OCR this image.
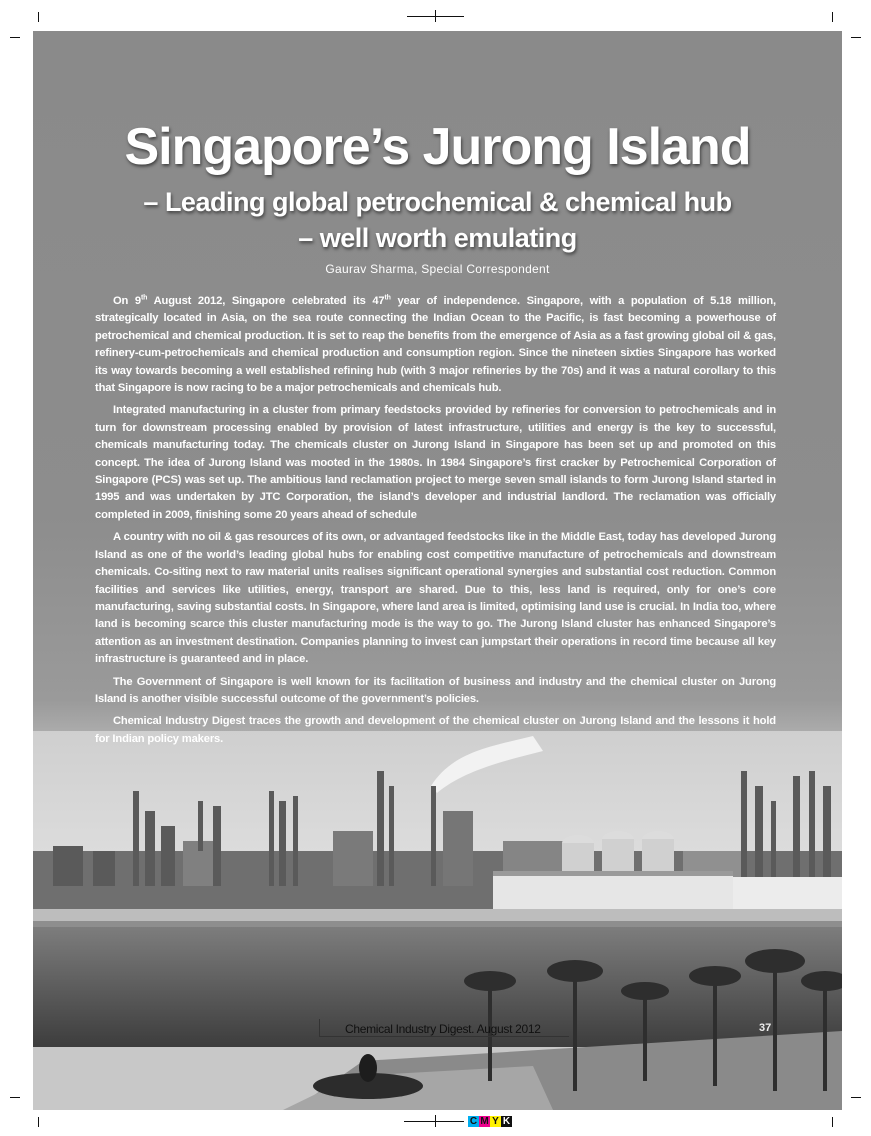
Singapore’s Jurong Island
– Leading global petrochemical & chemical hub
– well worth emulating
Gaurav Sharma, Special Correspondent

On 9th August 2012, Singapore celebrated its 47th year of independence. Singapore, with a population of 5.18 million, strategically located in Asia, on the sea route connecting the Indian Ocean to the Pacific, is fast becoming a powerhouse of petrochemical and chemical production. It is set to reap the benefits from the emergence of Asia as a fast growing global oil & gas, refinery-cum-petrochemicals and chemical production and consumption region. Since the nineteen sixties Singapore has worked its way towards becoming a well established refining hub (with 3 major refineries by the 70s) and it was a natural corollary to this that Singapore is now racing to be a major petrochemicals and chemicals hub.

Integrated manufacturing in a cluster from primary feedstocks provided by refineries for conversion to petrochemicals and in turn for downstream processing enabled by provision of latest infrastructure, utilities and energy is the key to successful, chemicals manufacturing today. The chemicals cluster on Jurong Island in Singapore has been set up and promoted on this concept. The idea of Jurong Island was mooted in the 1980s. In 1984 Singapore’s first cracker by Petrochemical Corporation of Singapore (PCS) was set up. The ambitious land reclamation project to merge seven small islands to form Jurong Island started in 1995 and was undertaken by JTC Corporation, the island’s developer and industrial landlord. The reclamation was officially completed in 2009, finishing some 20 years ahead of schedule

A country with no oil & gas resources of its own, or advantaged feedstocks like in the Middle East, today has developed Jurong Island as one of the world’s leading global hubs for enabling cost competitive manufacture of petrochemicals and downstream chemicals. Co-siting next to raw material units realises significant operational synergies and substantial cost reduction. Common facilities and services like utilities, energy, transport are shared. Due to this, less land is required, only for one’s core manufacturing, saving substantial costs. In Singapore, where land area is limited, optimising land use is crucial. In India too, where land is becoming scarce this cluster manufacturing mode is the way to go. The Jurong Island cluster has enhanced Singapore’s attention as an investment destination. Companies planning to invest can jumpstart their operations in record time because all key infrastructure is guaranteed and in place.

The Government of Singapore is well known for its facilitation of business and industry and the chemical cluster on Jurong Island is another visible successful outcome of the government’s policies.

Chemical Industry Digest traces the growth and development of the chemical cluster on Jurong Island and the lessons it hold for Indian policy makers.

Chemical Industry Digest. August 2012	37
C M Y K
